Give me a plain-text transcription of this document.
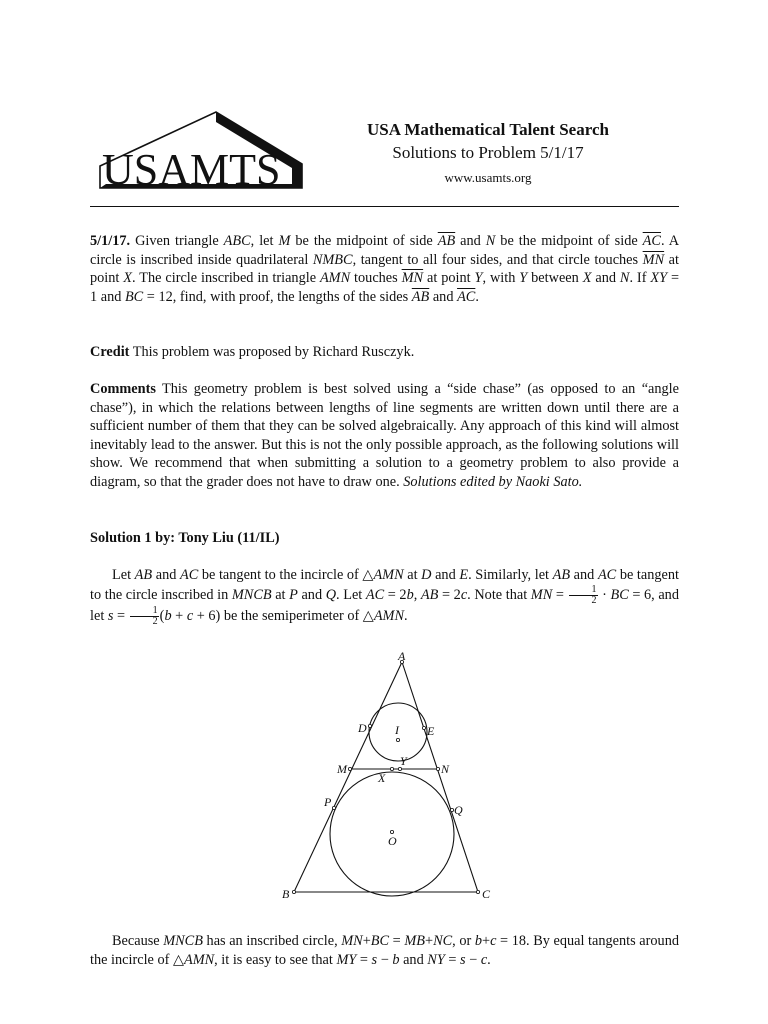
USAMTS
USA Mathematical Talent Search
Solutions to Problem 5/1/17
www.usamts.org
5/1/17. Given triangle ABC, let M be the midpoint of side $\overline{AB}$ and N be the midpoint of side $\overline{AC}$. A circle is inscribed inside quadrilateral NMBC, tangent to all four sides, and that circle touches $\overline{MN}$ at point X. The circle inscribed in triangle AMN touches $\overline{MN}$ at point Y, with Y between X and N. If XY = 1 and BC = 12, find, with proof, the lengths of the sides $\overline{AB}$ and $\overline{AC}$.
Credit This problem was proposed by Richard Rusczyk.
Comments This geometry problem is best solved using a “side chase” (as opposed to an “angle chase”), in which the relations between lengths of line segments are written down until there are a sufficient number of them that they can be solved algebraically. Any approach of this kind will almost inevitably lead to the answer. But this is not the only possible approach, as the following solutions will show. We recommend that when submitting a solution to a geometry problem to also provide a diagram, so that the grader does not have to draw one. Solutions edited by Naoki Sato.
Solution 1 by: Tony Liu (11/IL)
Let AB and AC be tangent to the incircle of △AMN at D and E. Similarly, let AB and AC be tangent to the circle inscribed in MNCB at P and Q. Let AC = 2b, AB = 2c. Note that MN = $\frac{1}{2}$ · BC = 6, and let $s = \frac{1}{2} (b + c + 6)$ be the semiperimeter of △AMN.
A
B	C
D	E
I
M	N
X
Y
P
Q
O
Because MNCB has an inscribed circle, MN+BC = MB+NC, or b+c = 18. By equal tangents around the incircle of △AMN, it is easy to see that MY = s − b and NY = s − c.
